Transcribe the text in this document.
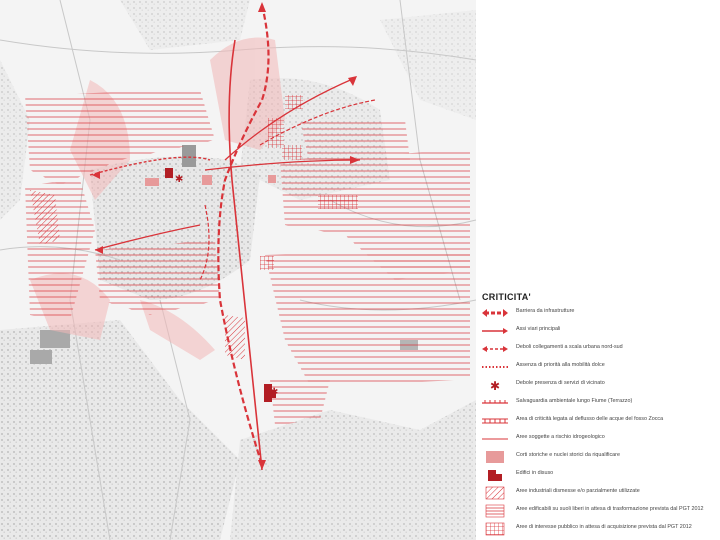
✱
✱
CRITICITA'
Barriera da infrastrutture
Assi viari principali
Deboli collegamenti a scala urbana nord-sud
Assenza di priorità alla mobilità dolce
✱	Debole presenza di servizi di vicinato
Salvaguardia ambientale lungo Fiume (Terrazzo)
Area di criticità legata al deflusso delle acque del fosso Zocca
Aree soggette a rischio idrogeologico
Corti storiche e nuclei storici da riqualificare
Edifici in disuso
Aree industriali dismesse e/o parzialmente utilizzate
Aree edificabili su suoli liberi in attesa di trasformazione prevista dal PGT 2012
Aree di interesse pubblico in attesa di acquisizione prevista dal PGT 2012
